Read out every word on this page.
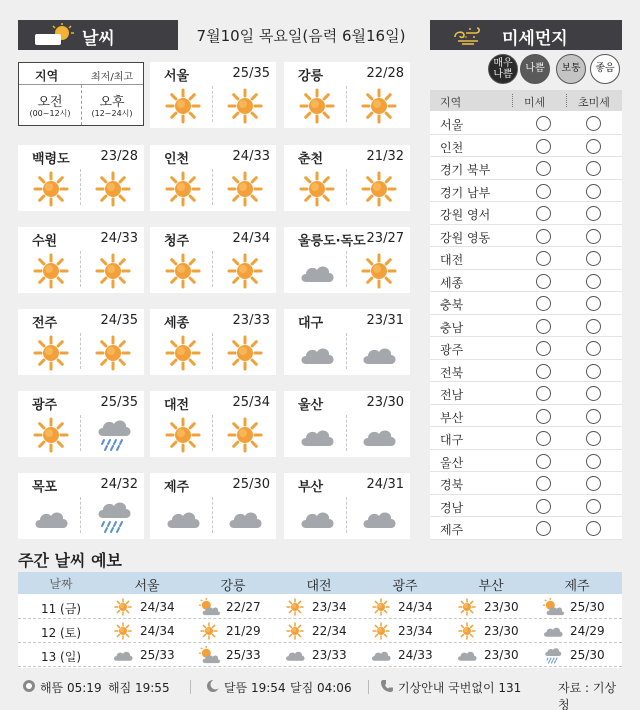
날씨	7월10일 목요일(음력 6월16일)	미세먼지
지역	최저/최고
오전	오후
(00~12시)	(12~24시)
서울	25/35 강릉	22/28
백령도 23/28 인천	24/33 춘천	21/32
수원	24/33 청주	24/34 울릉도·독도 23/27
전주	24/35 세종	23/33 대구	23/31
광주	25/35 대전	25/34 울산	23/30
목포	24/32 제주	25/30 부산	24/31
매우
나쁨
나쁨	보통	좋음
지역	미세	초미세
서울
인천
경기 북부
경기 남부
강원 영서
강원 영동
대전
세종
충북
충남
광주
전북
전남
부산
대구
울산
경북
경남
제주
주간 날씨 예보
날짜	서울	강릉	대전	광주	부산	제주
11 (금)	24/34	22/27	23/34	24/34	23/30	25/30
12 (토)	24/34	21/29	22/34	23/34	23/30	24/29
13 (일)	25/33	25/33	23/33	24/33	23/30	25/30
해뜸 05:19 해짐 19:55	달뜸 19:54 달짐 04:06	기상안내 국번없이 131	자료 : 기상청
